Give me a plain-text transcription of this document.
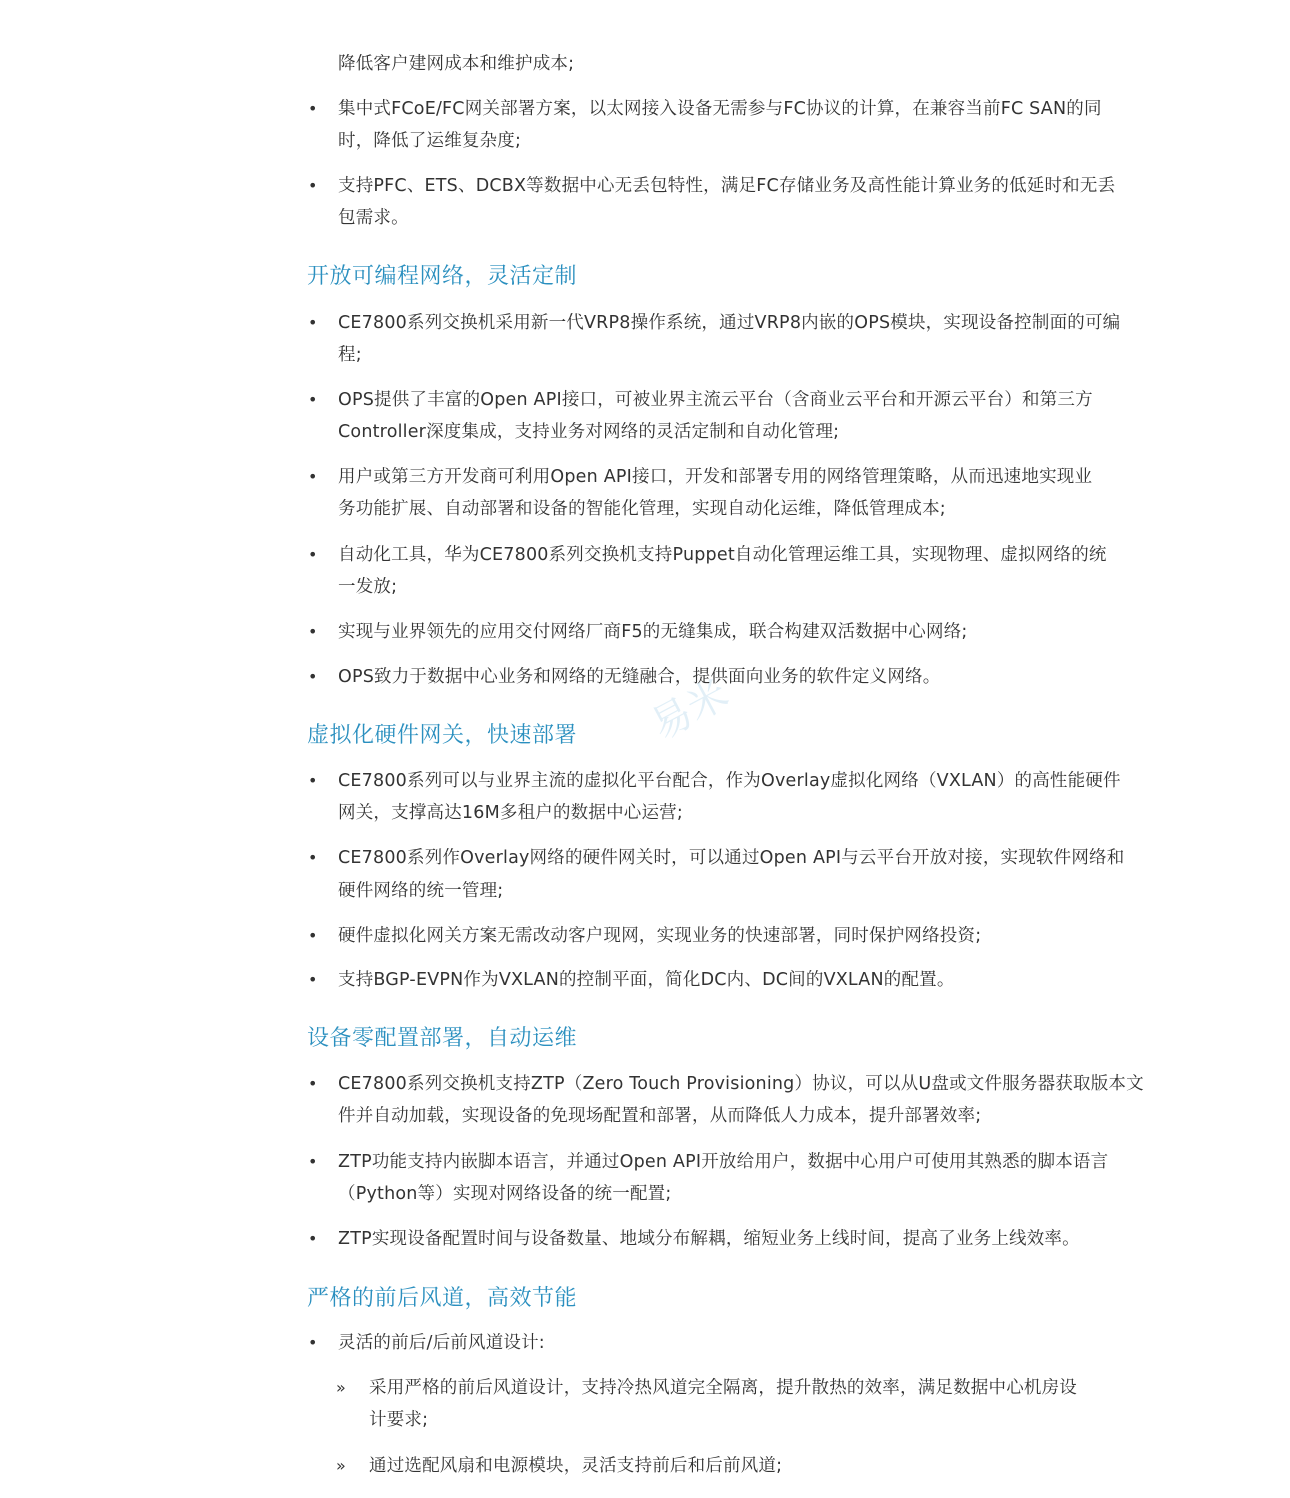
易米
降低客户建网成本和维护成本;
• 集中式FCoE/FC网关部署方案，以太网接入设备无需参与FC协议的计算，在兼容当前FC SAN的同
时，降低了运维复杂度;
• 支持PFC、ETS、DCBX等数据中心无丢包特性，满足FC存储业务及高性能计算业务的低延时和无丢
包需求。
开放可编程网络，灵活定制
• CE7800系列交换机采用新一代VRP8操作系统，通过VRP8内嵌的OPS模块，实现设备控制面的可编
程;
• OPS提供了丰富的Open API接口，可被业界主流云平台（含商业云平台和开源云平台）和第三方
Controller深度集成，支持业务对网络的灵活定制和自动化管理;
• 用户或第三方开发商可利用Open API接口，开发和部署专用的网络管理策略，从而迅速地实现业
务功能扩展、自动部署和设备的智能化管理，实现自动化运维，降低管理成本;
• 自动化工具，华为CE7800系列交换机支持Puppet自动化管理运维工具，实现物理、虚拟网络的统
一发放;
• 实现与业界领先的应用交付网络厂商F5的无缝集成，联合构建双活数据中心网络;
• OPS致力于数据中心业务和网络的无缝融合，提供面向业务的软件定义网络。
虚拟化硬件网关，快速部署
• CE7800系列可以与业界主流的虚拟化平台配合，作为Overlay虚拟化网络（VXLAN）的高性能硬件
网关，支撑高达16M多租户的数据中心运营;
• CE7800系列作Overlay网络的硬件网关时，可以通过Open API与云平台开放对接，实现软件网络和
硬件网络的统一管理;
• 硬件虚拟化网关方案无需改动客户现网，实现业务的快速部署，同时保护网络投资;
• 支持BGP-EVPN作为VXLAN的控制平面，简化DC内、DC间的VXLAN的配置。
设备零配置部署，自动运维
• CE7800系列交换机支持ZTP（Zero Touch Provisioning）协议，可以从U盘或文件服务器获取版本文
件并自动加载，实现设备的免现场配置和部署，从而降低人力成本，提升部署效率;
• ZTP功能支持内嵌脚本语言，并通过Open API开放给用户，数据中心用户可使用其熟悉的脚本语言
（Python等）实现对网络设备的统一配置;
• ZTP实现设备配置时间与设备数量、地域分布解耦，缩短业务上线时间，提高了业务上线效率。
严格的前后风道，高效节能
• 灵活的前后/后前风道设计:
» 采用严格的前后风道设计，支持冷热风道完全隔离，提升散热的效率，满足数据中心机房设
计要求;
» 通过选配风扇和电源模块，灵活支持前后和后前风道;
